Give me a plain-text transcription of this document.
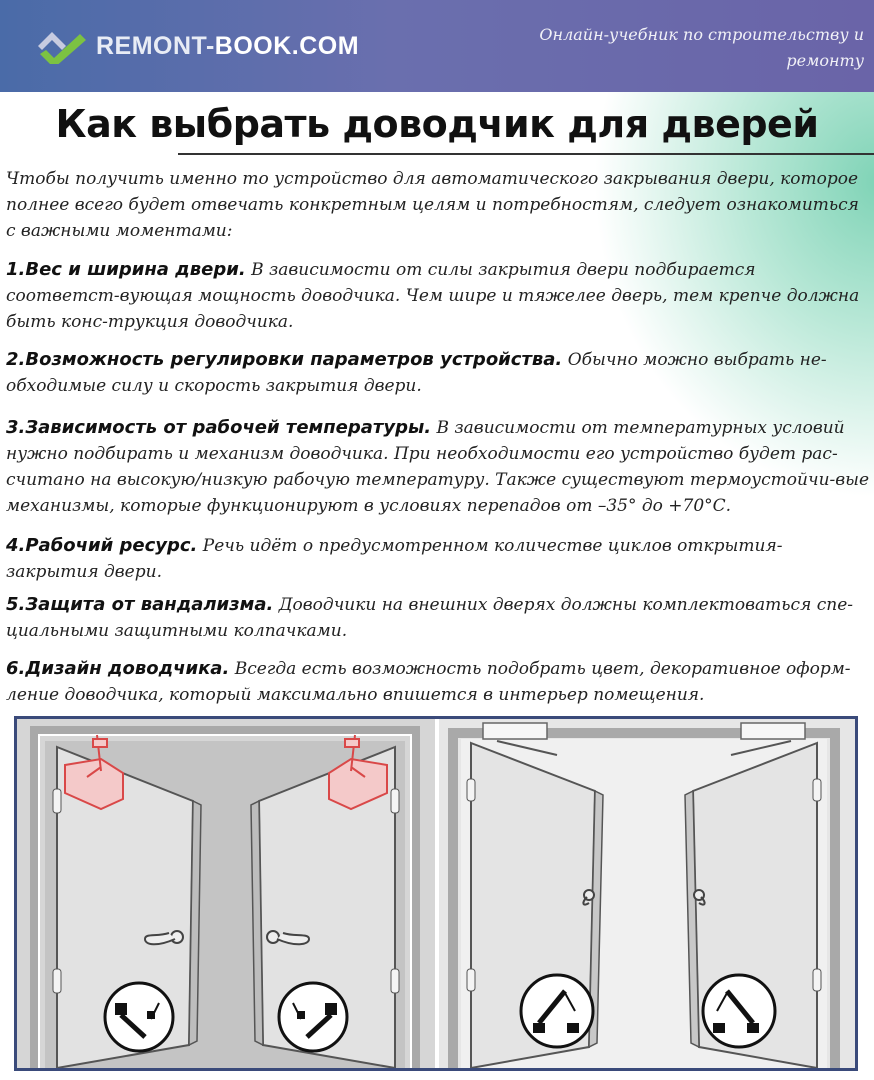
REMONT-BOOK.COM	Онлайн-учебник по строительству и ремонту
Как выбрать доводчик для дверей
Чтобы получить именно то устройство для автоматического закрывания двери, которое полнее всего будет отвечать конкретным целям и потребностям, следует ознакомиться с важными моментами:
1.Вес и ширина двери. В зависимости от силы закрытия двери подбирается соответст-вующая мощность доводчика. Чем шире и тяжелее дверь, тем крепче должна быть конс-трукция доводчика.
2.Возможность регулировки параметров устройства. Обычно можно выбрать не-обходимые силу и скорость закрытия двери.
3.Зависимость от рабочей температуры. В зависимости от температурных условий нужно подбирать и механизм доводчика. При необходимости его устройство будет рас-считано на высокую/низкую рабочую температуру. Также существуют термоустойчи-вые механизмы, которые функционируют в условиях перепадов от –35° до +70°С.
4.Рабочий ресурс. Речь идёт о предусмотренном количестве циклов открытия-закрытия двери.
5.Защита от вандализма. Доводчики на внешних дверях должны комплектоваться спе-циальными защитными колпачками.
6.Дизайн доводчика. Всегда есть возможность подобрать цвет, декоративное оформ-ление доводчика, который максимально впишется в интерьер помещения.
